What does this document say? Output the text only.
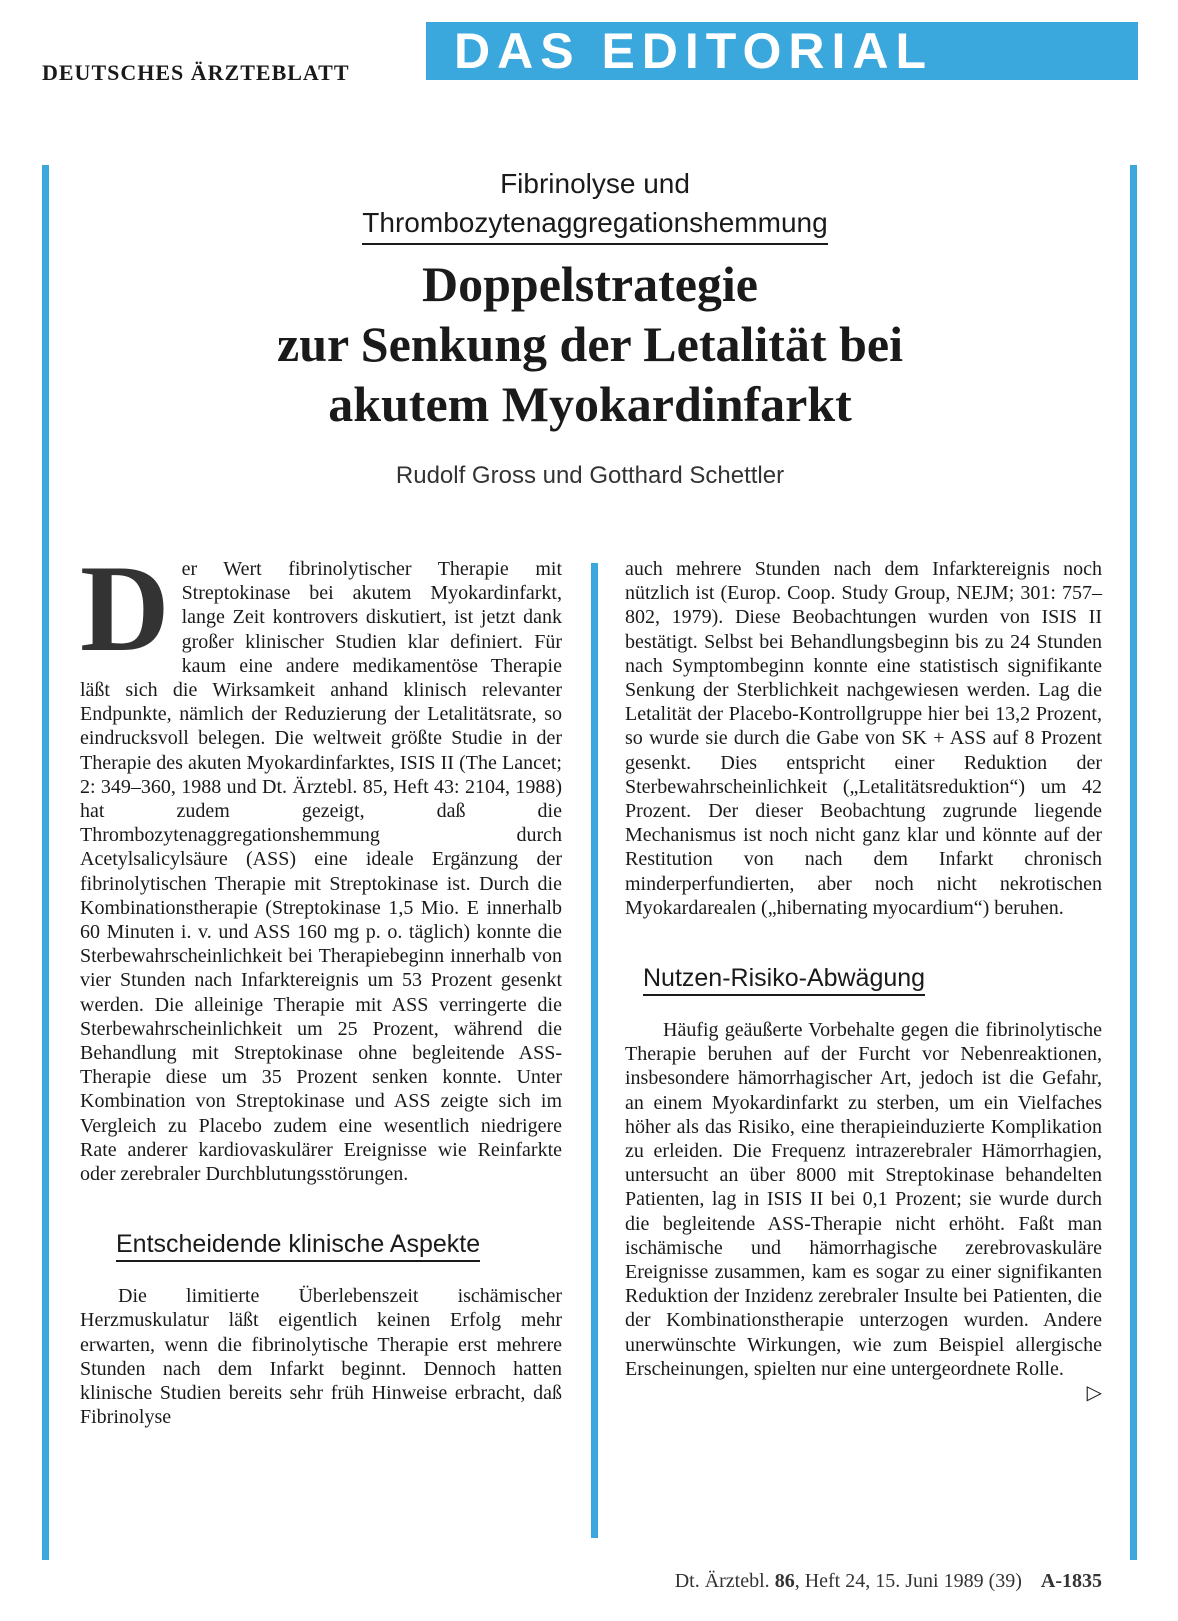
DEUTSCHES ÄRZTEBLATT	DAS EDITORIAL
Fibrinolyse und
Thrombozytenaggregationshemmung
Doppelstrategie
zur Senkung der Letalität bei
akutem Myokardinfarkt
Rudolf Gross und Gotthard Schettler

Der Wert fibrinolytischer Therapie mit Streptokinase bei akutem Myokardinfarkt, lange Zeit kontrovers diskutiert, ist jetzt dank großer klinischer Studien klar definiert. Für kaum eine andere medikamentöse Therapie läßt sich die Wirksamkeit anhand klinisch relevanter Endpunkte, nämlich der Reduzierung der Letalitätsrate, so eindrucksvoll belegen. Die weltweit größte Studie in der Therapie des akuten Myokardinfarktes, ISIS II (The Lancet; 2: 349–360, 1988 und Dt. Ärztebl. 85, Heft 43: 2104, 1988) hat zudem gezeigt, daß die Thrombozytenaggregationshemmung durch Acetylsalicylsäure (ASS) eine ideale Ergänzung der fibrinolytischen Therapie mit Streptokinase ist. Durch die Kombinationstherapie (Streptokinase 1,5 Mio. E innerhalb 60 Minuten i. v. und ASS 160 mg p. o. täglich) konnte die Sterbewahrscheinlichkeit bei Therapiebeginn innerhalb von vier Stunden nach Infarktereignis um 53 Prozent gesenkt werden. Die alleinige Therapie mit ASS verringerte die Sterbewahrscheinlichkeit um 25 Prozent, während die Behandlung mit Streptokinase ohne begleitende ASS-Therapie diese um 35 Prozent senken konnte. Unter Kombination von Streptokinase und ASS zeigte sich im Vergleich zu Placebo zudem eine wesentlich niedrigere Rate anderer kardiovaskulärer Ereignisse wie Reinfarkte oder zerebraler Durchblutungsstörungen.

Entscheidende klinische Aspekte

Die limitierte Überlebenszeit ischämischer Herzmuskulatur läßt eigentlich keinen Erfolg mehr erwarten, wenn die fibrinolytische Therapie erst mehrere Stunden nach dem Infarkt beginnt. Dennoch hatten klinische Studien bereits sehr früh Hinweise erbracht, daß Fibrinolyse

auch mehrere Stunden nach dem Infarktereignis noch nützlich ist (Europ. Coop. Study Group, NEJM; 301: 757–802, 1979). Diese Beobachtungen wurden von ISIS II bestätigt. Selbst bei Behandlungsbeginn bis zu 24 Stunden nach Symptombeginn konnte eine statistisch signifikante Senkung der Sterblichkeit nachgewiesen werden. Lag die Letalität der Placebo-Kontrollgruppe hier bei 13,2 Prozent, so wurde sie durch die Gabe von SK + ASS auf 8 Prozent gesenkt. Dies entspricht einer Reduktion der Sterbewahrscheinlichkeit („Letalitätsreduktion“) um 42 Prozent. Der dieser Beobachtung zugrunde liegende Mechanismus ist noch nicht ganz klar und könnte auf der Restitution von nach dem Infarkt chronisch minderperfundierten, aber noch nicht nekrotischen Myokardarealen („hibernating myocardium“) beruhen.

Nutzen-Risiko-Abwägung

Häufig geäußerte Vorbehalte gegen die fibrinolytische Therapie beruhen auf der Furcht vor Nebenreaktionen, insbesondere hämorrhagischer Art, jedoch ist die Gefahr, an einem Myokardinfarkt zu sterben, um ein Vielfaches höher als das Risiko, eine therapieinduzierte Komplikation zu erleiden. Die Frequenz intrazerebraler Hämorrhagien, untersucht an über 8000 mit Streptokinase behandelten Patienten, lag in ISIS II bei 0,1 Prozent; sie wurde durch die begleitende ASS-Therapie nicht erhöht. Faßt man ischämische und hämorrhagische zerebrovaskuläre Ereignisse zusammen, kam es sogar zu einer signifikanten Reduktion der Inzidenz zerebraler Insulte bei Patienten, die der Kombinationstherapie unterzogen wurden. Andere unerwünschte Wirkungen, wie zum Beispiel allergische Erscheinungen, spielten nur eine untergeordnete Rolle.
▷

Dt. Ärztebl. 86, Heft 24, 15. Juni 1989 (39) A-1835
